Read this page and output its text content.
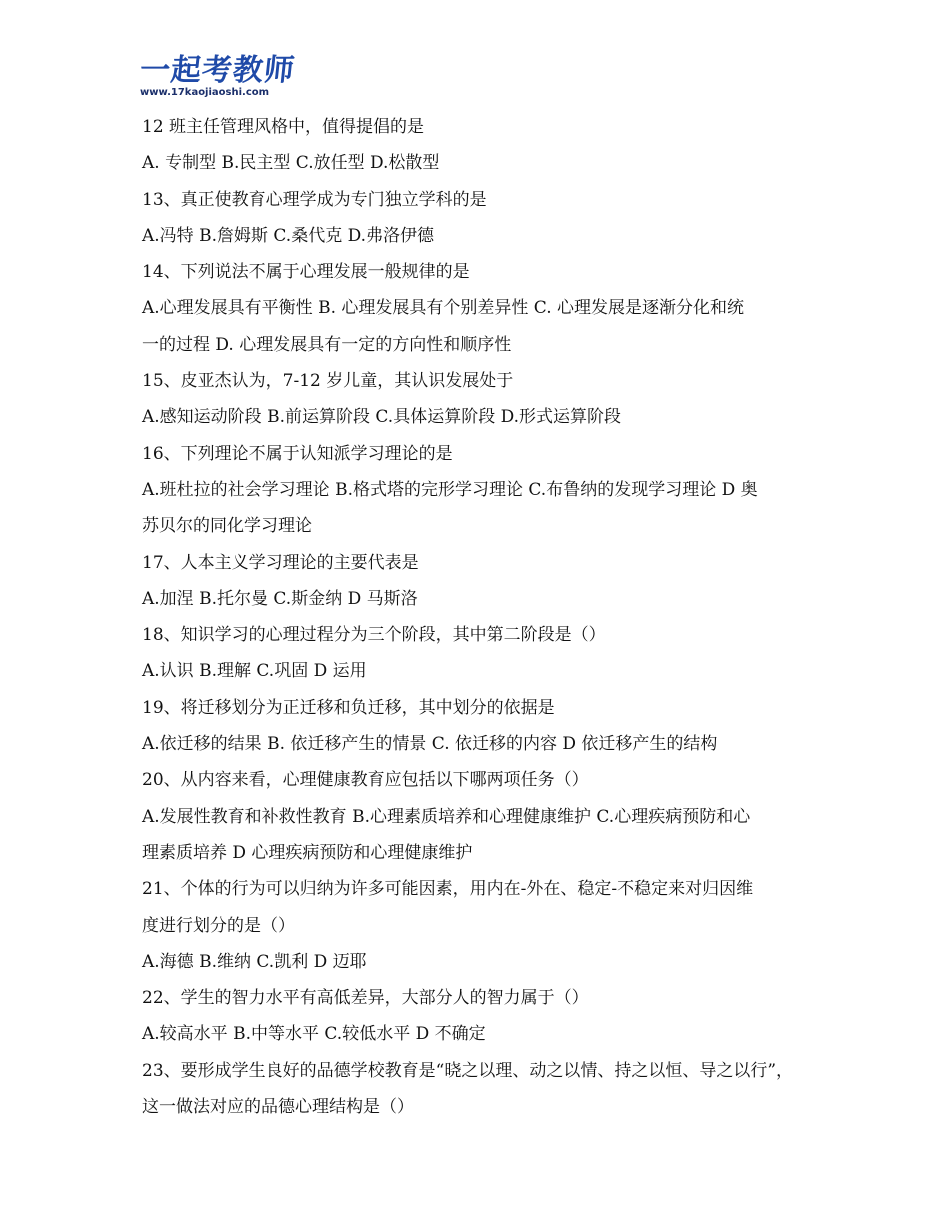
一起考教师
www.17kaojiaoshi.com
12 班主任管理风格中，值得提倡的是
A. 专制型 B.民主型 C.放任型 D.松散型
13、真正使教育心理学成为专门独立学科的是
A.冯特 B.詹姆斯 C.桑代克 D.弗洛伊德
14、下列说法不属于心理发展一般规律的是
A.心理发展具有平衡性 B. 心理发展具有个别差异性 C. 心理发展是逐渐分化和统
一的过程 D. 心理发展具有一定的方向性和顺序性
15、皮亚杰认为，7-12 岁儿童，其认识发展处于
A.感知运动阶段 B.前运算阶段 C.具体运算阶段 D.形式运算阶段
16、下列理论不属于认知派学习理论的是
A.班杜拉的社会学习理论 B.格式塔的完形学习理论 C.布鲁纳的发现学习理论 D 奥
苏贝尔的同化学习理论
17、人本主义学习理论的主要代表是
A.加涅 B.托尔曼 C.斯金纳 D 马斯洛
18、知识学习的心理过程分为三个阶段，其中第二阶段是（）
A.认识 B.理解 C.巩固 D 运用
19、将迁移划分为正迁移和负迁移，其中划分的依据是
A.依迁移的结果 B. 依迁移产生的情景 C. 依迁移的内容 D 依迁移产生的结构
20、从内容来看，心理健康教育应包括以下哪两项任务（）
A.发展性教育和补救性教育 B.心理素质培养和心理健康维护 C.心理疾病预防和心
理素质培养 D 心理疾病预防和心理健康维护
21、个体的行为可以归纳为许多可能因素，用内在-外在、稳定-不稳定来对归因维
度进行划分的是（）
A.海德 B.维纳 C.凯利 D 迈耶
22、学生的智力水平有高低差异，大部分人的智力属于（）
A.较高水平 B.中等水平 C.较低水平 D 不确定
23、要形成学生良好的品德学校教育是“晓之以理、动之以情、持之以恒、导之以行”，
这一做法对应的品德心理结构是（）
